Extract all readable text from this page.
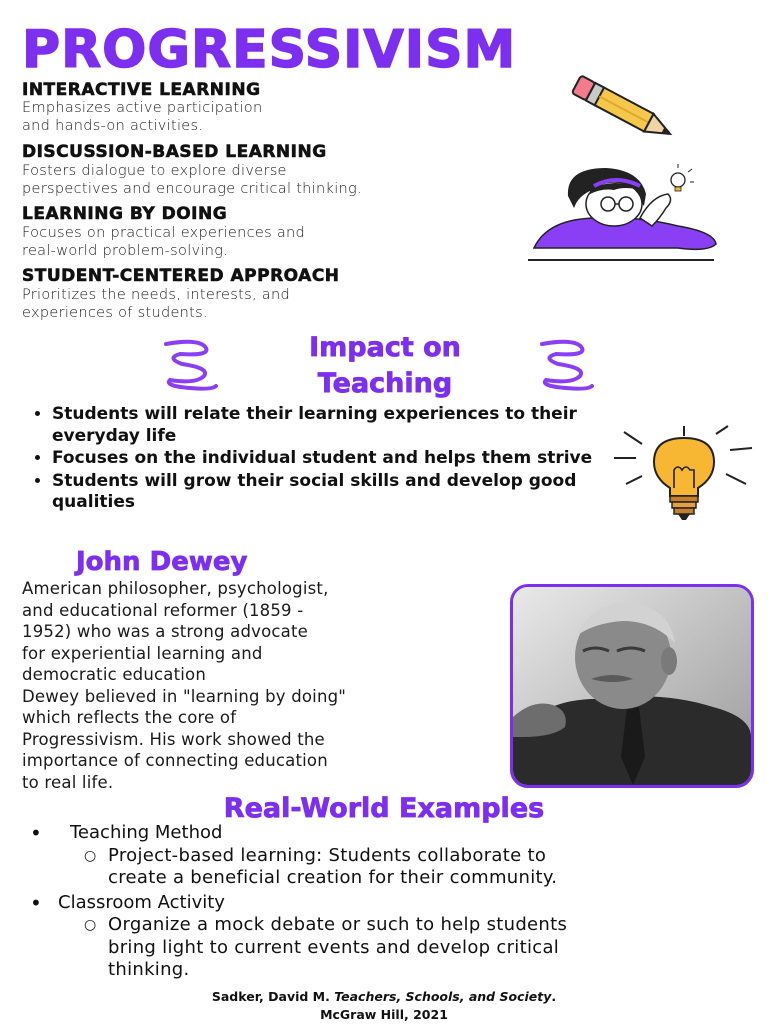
PROGRESSIVISM
INTERACTIVE LEARNING
Emphasizes active participation
and hands-on activities.
DISCUSSION-BASED LEARNING
Fosters dialogue to explore diverse
perspectives and encourage critical thinking.
LEARNING BY DOING
Focuses on practical experiences and
real-world problem-solving.
STUDENT-CENTERED APPROACH
Prioritizes the needs, interests, and
experiences of students.
Impact on
Teaching
• Students will relate their learning experiences to their everyday life
• Focuses on the individual student and helps them strive
• Students will grow their social skills and develop good qualities
John Dewey
American philosopher, psychologist,
and educational reformer (1859 -
1952) who was a strong advocate
for experiential learning and
democratic education
Dewey believed in "learning by doing"
which reflects the core of
Progressivism. His work showed the
importance of connecting education
to real life.
Real-World Examples
• Teaching Method
○ Project-based learning: Students collaborate to
create a beneficial creation for their community.
• Classroom Activity
○ Organize a mock debate or such to help students
bring light to current events and develop critical
thinking.
Sadker, David M. Teachers, Schools, and Society.
McGraw Hill, 2021
